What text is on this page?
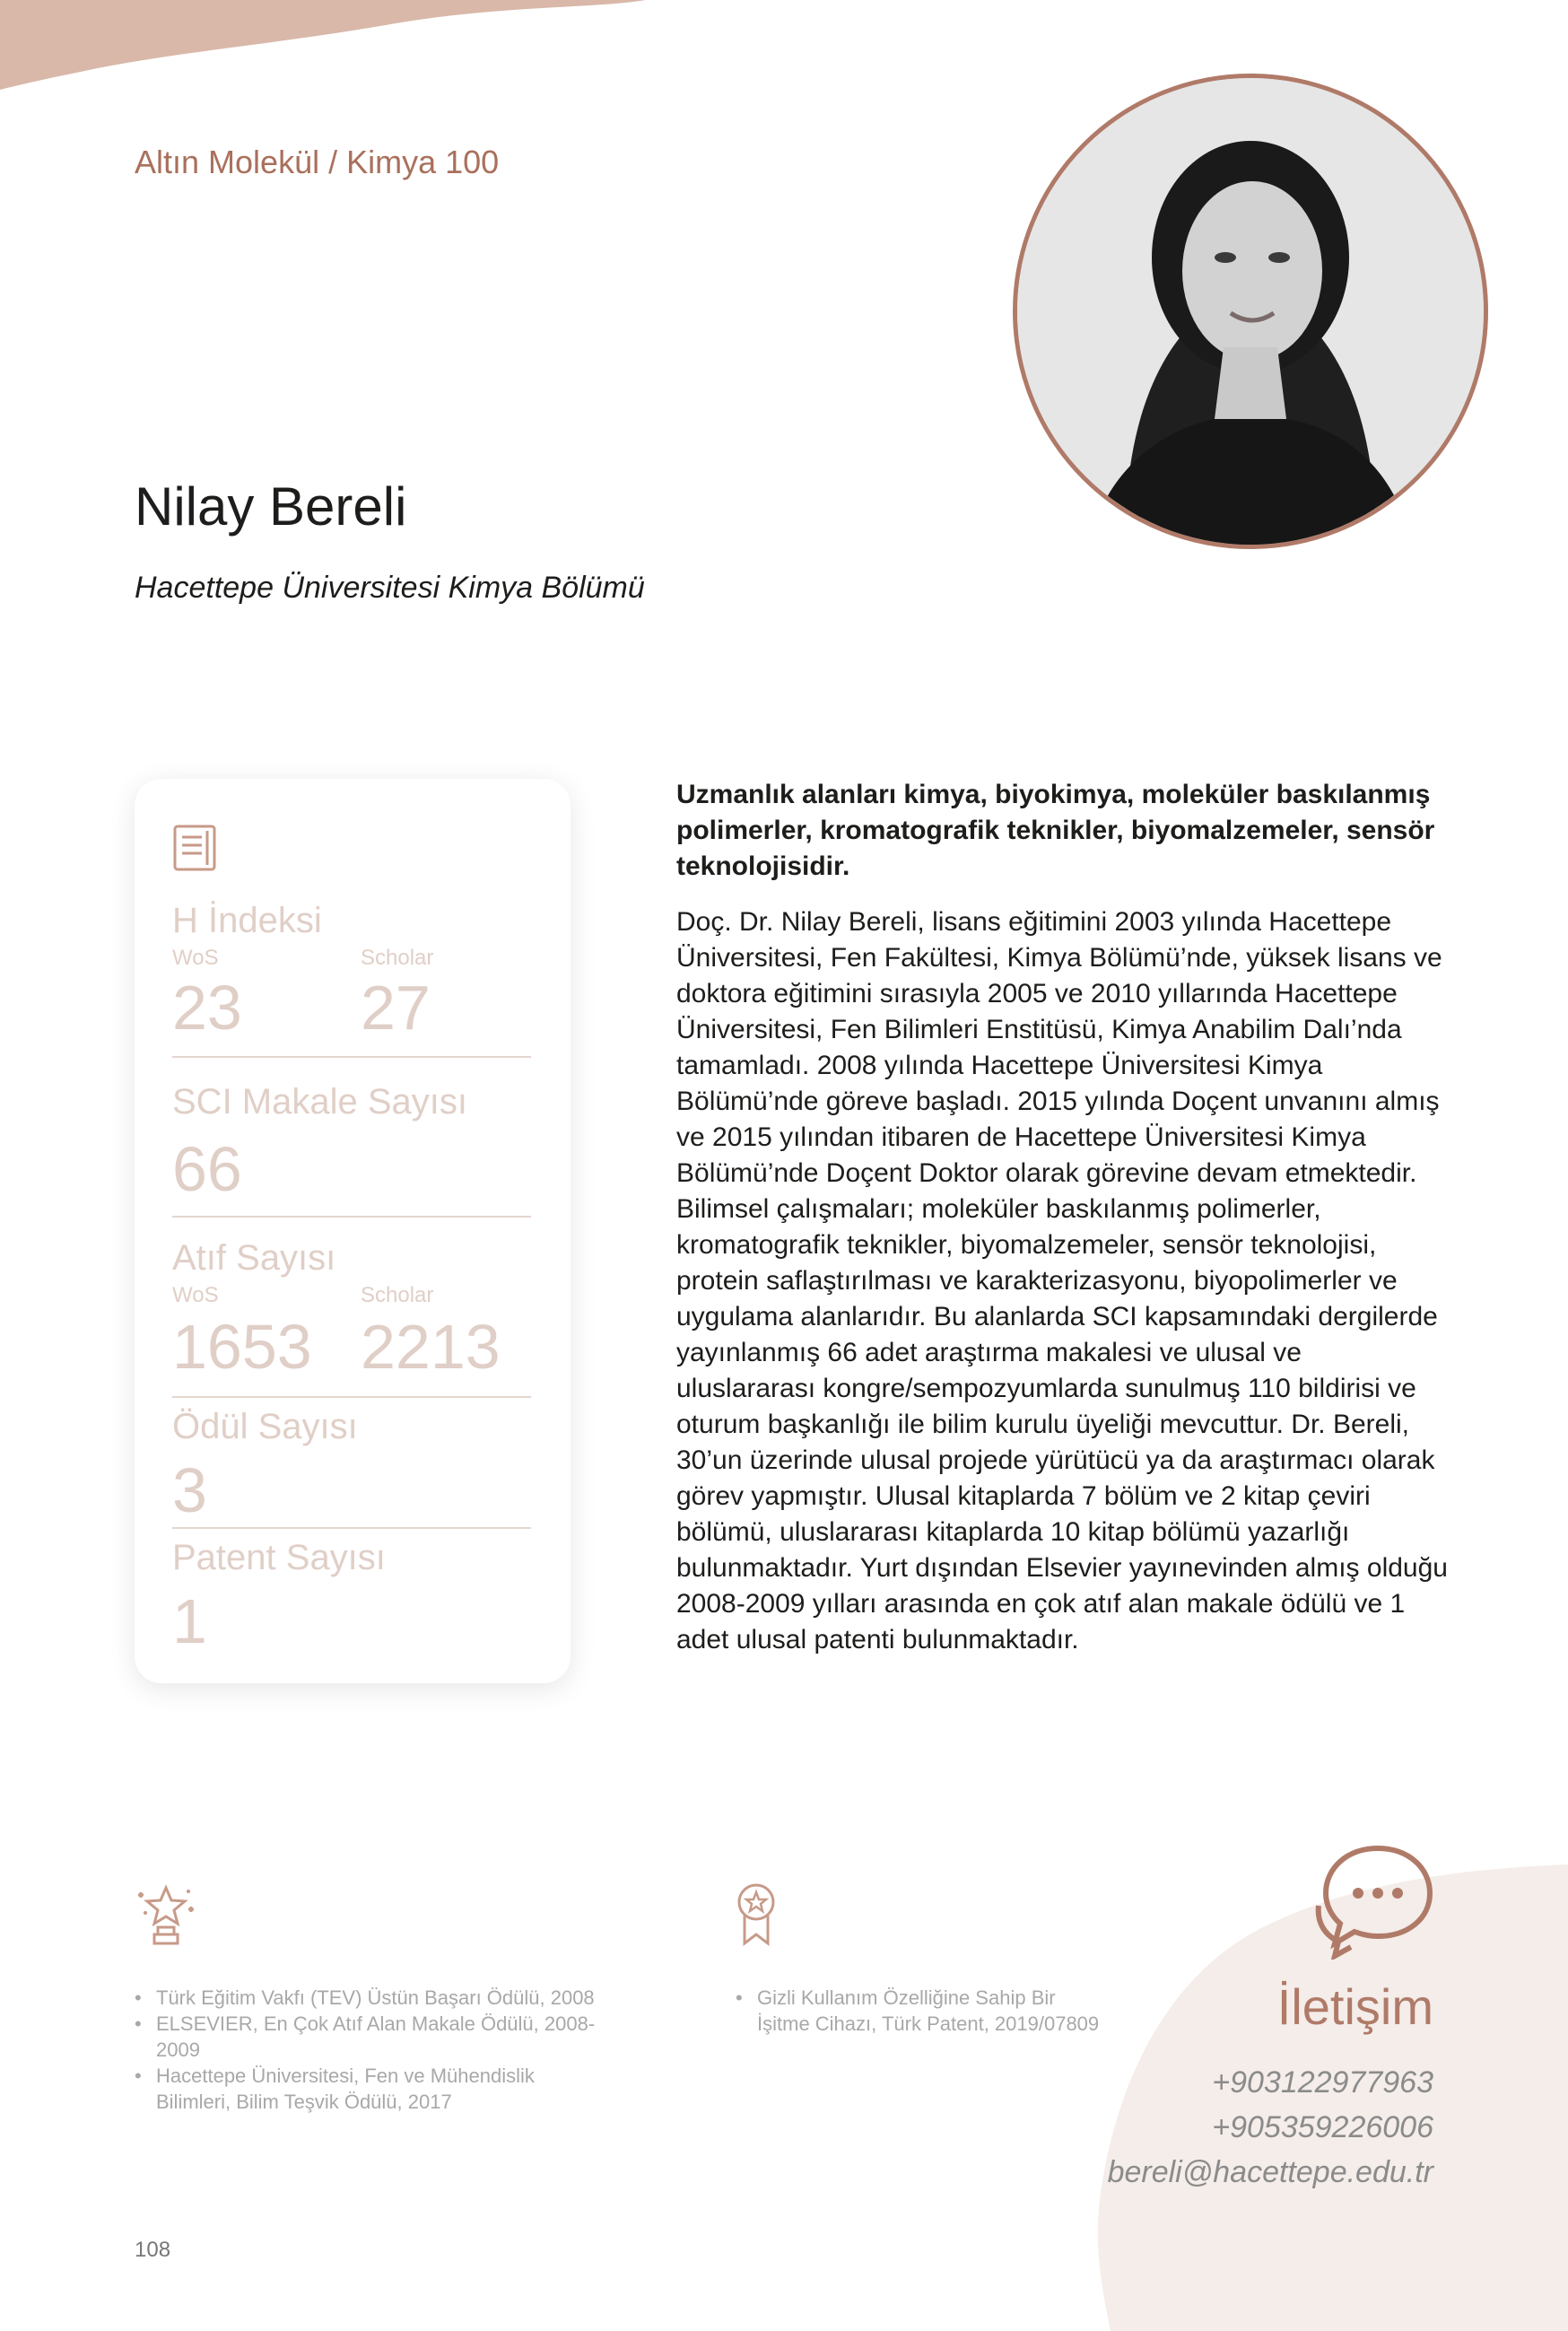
Altın Molekül / Kimya 100
Nilay Bereli
Hacettepe Üniversitesi Kimya Bölümü
H İndeksi
WoS	Scholar
23 27
SCI Makale Sayısı
66
Atıf Sayısı
WoS	Scholar
1653 2213
Ödül Sayısı
3
Patent Sayısı
1
Uzmanlık alanları kimya, biyokimya, moleküler baskılanmış polimerler, kromatografik teknikler, biyomalzemeler, sensör teknolojisidir.
Doç. Dr. Nilay Bereli, lisans eğitimini 2003 yılında Hacettepe Üniversitesi, Fen Fakültesi, Kimya Bölümü’nde, yüksek lisans ve doktora eğitimini sırasıyla 2005 ve 2010 yıllarında Hacettepe Üniversitesi, Fen Bilimleri Enstitüsü, Kimya Anabilim Dalı’nda tamamladı. 2008 yılında Hacettepe Üniversitesi Kimya Bölümü’nde göreve başladı. 2015 yılında Doçent unvanını almış ve 2015 yılından itibaren de Hacettepe Üniversitesi Kimya Bölümü’nde Doçent Doktor olarak görevine devam etmektedir. Bilimsel çalışmaları; moleküler baskılanmış polimerler, kromatografik teknikler, biyomalzemeler, sensör teknolojisi, protein saflaştırılması ve karakterizasyonu, biyopolimerler ve uygulama alanlarıdır. Bu alanlarda SCI kapsamındaki dergilerde yayınlanmış 66 adet araştırma makalesi ve ulusal ve uluslararası kongre/sempozyumlarda sunulmuş 110 bildirisi ve oturum başkanlığı ile bilim kurulu üyeliği mevcuttur. Dr. Bereli, 30’un üzerinde ulusal projede yürütücü ya da araştırmacı olarak görev yapmıştır. Ulusal kitaplarda 7 bölüm ve 2 kitap çeviri bölümü, uluslararası kitaplarda 10 kitap bölümü yazarlığı bulunmaktadır. Yurt dışından Elsevier yayınevinden almış olduğu 2008-2009 yılları arasında en çok atıf alan makale ödülü ve 1 adet ulusal patenti bulunmaktadır.
• Türk Eğitim Vakfı (TEV) Üstün Başarı Ödülü, 2008
• ELSEVIER, En Çok Atıf Alan Makale Ödülü, 2008-2009
• Hacettepe Üniversitesi, Fen ve Mühendislik Bilimleri, Bilim Teşvik Ödülü, 2017
• Gizli Kullanım Özelliğine Sahip Bir İşitme Cihazı, Türk Patent, 2019/07809	İletişim
+903122977963
+905359226006
bereli@hacettepe.edu.tr
108
